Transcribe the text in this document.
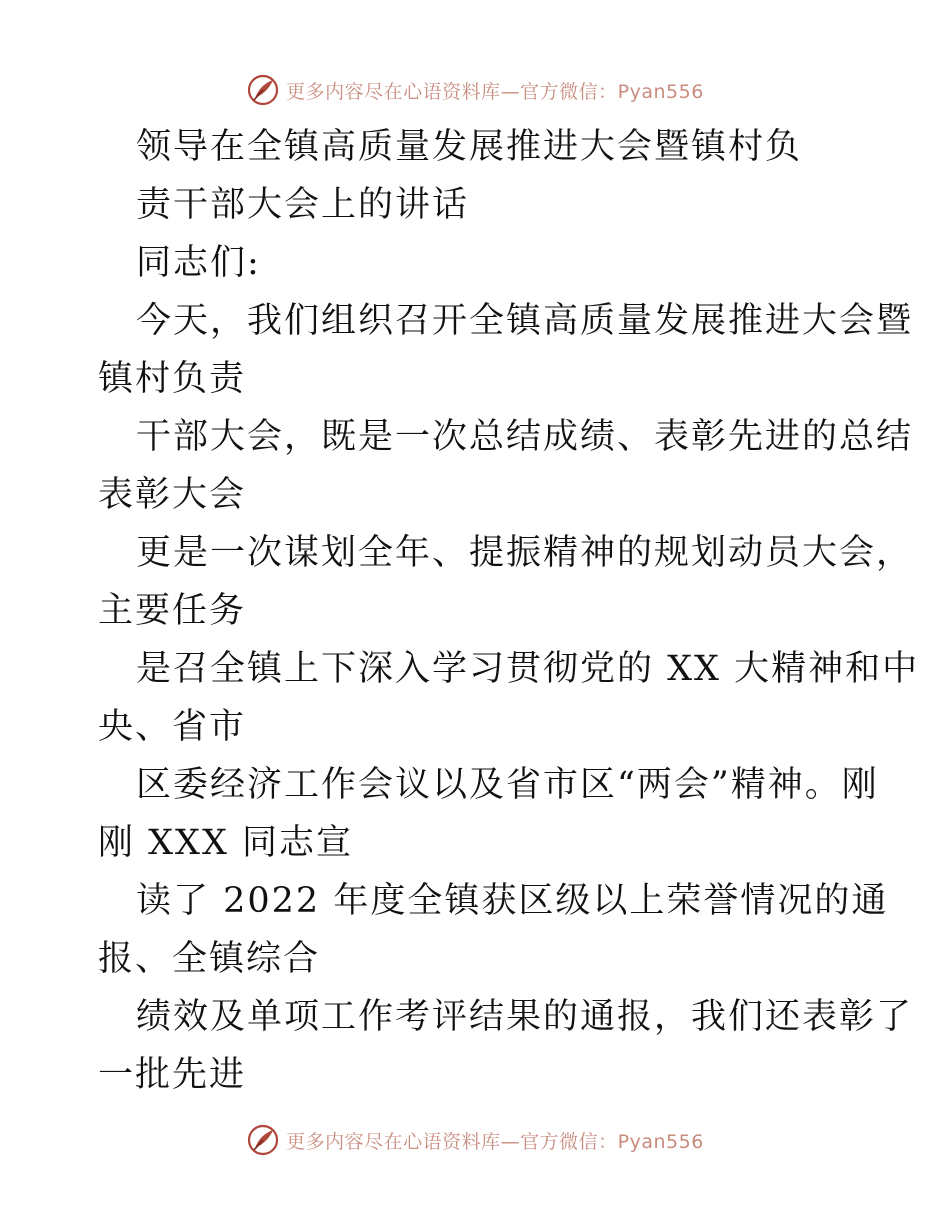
更多内容尽在心语资料库—官方微信：Pyan556

领导在全镇高质量发展推进大会暨镇村负

责干部大会上的讲话

同志们:

今天，我们组织召开全镇高质量发展推进大会暨

镇村负责

干部大会，既是一次总结成绩、表彰先进的总结

表彰大会

更是一次谋划全年、提振精神的规划动员大会，

主要任务

是召全镇上下深入学习贯彻党的 XX 大精神和中

央、省市

区委经济工作会议以及省市区“两会”精神。刚

刚 XXX 同志宣

读了 2022 年度全镇获区级以上荣誉情况的通

报、全镇综合

绩效及单项工作考评结果的通报，我们还表彰了

一批先进

更多内容尽在心语资料库—官方微信：Pyan556
